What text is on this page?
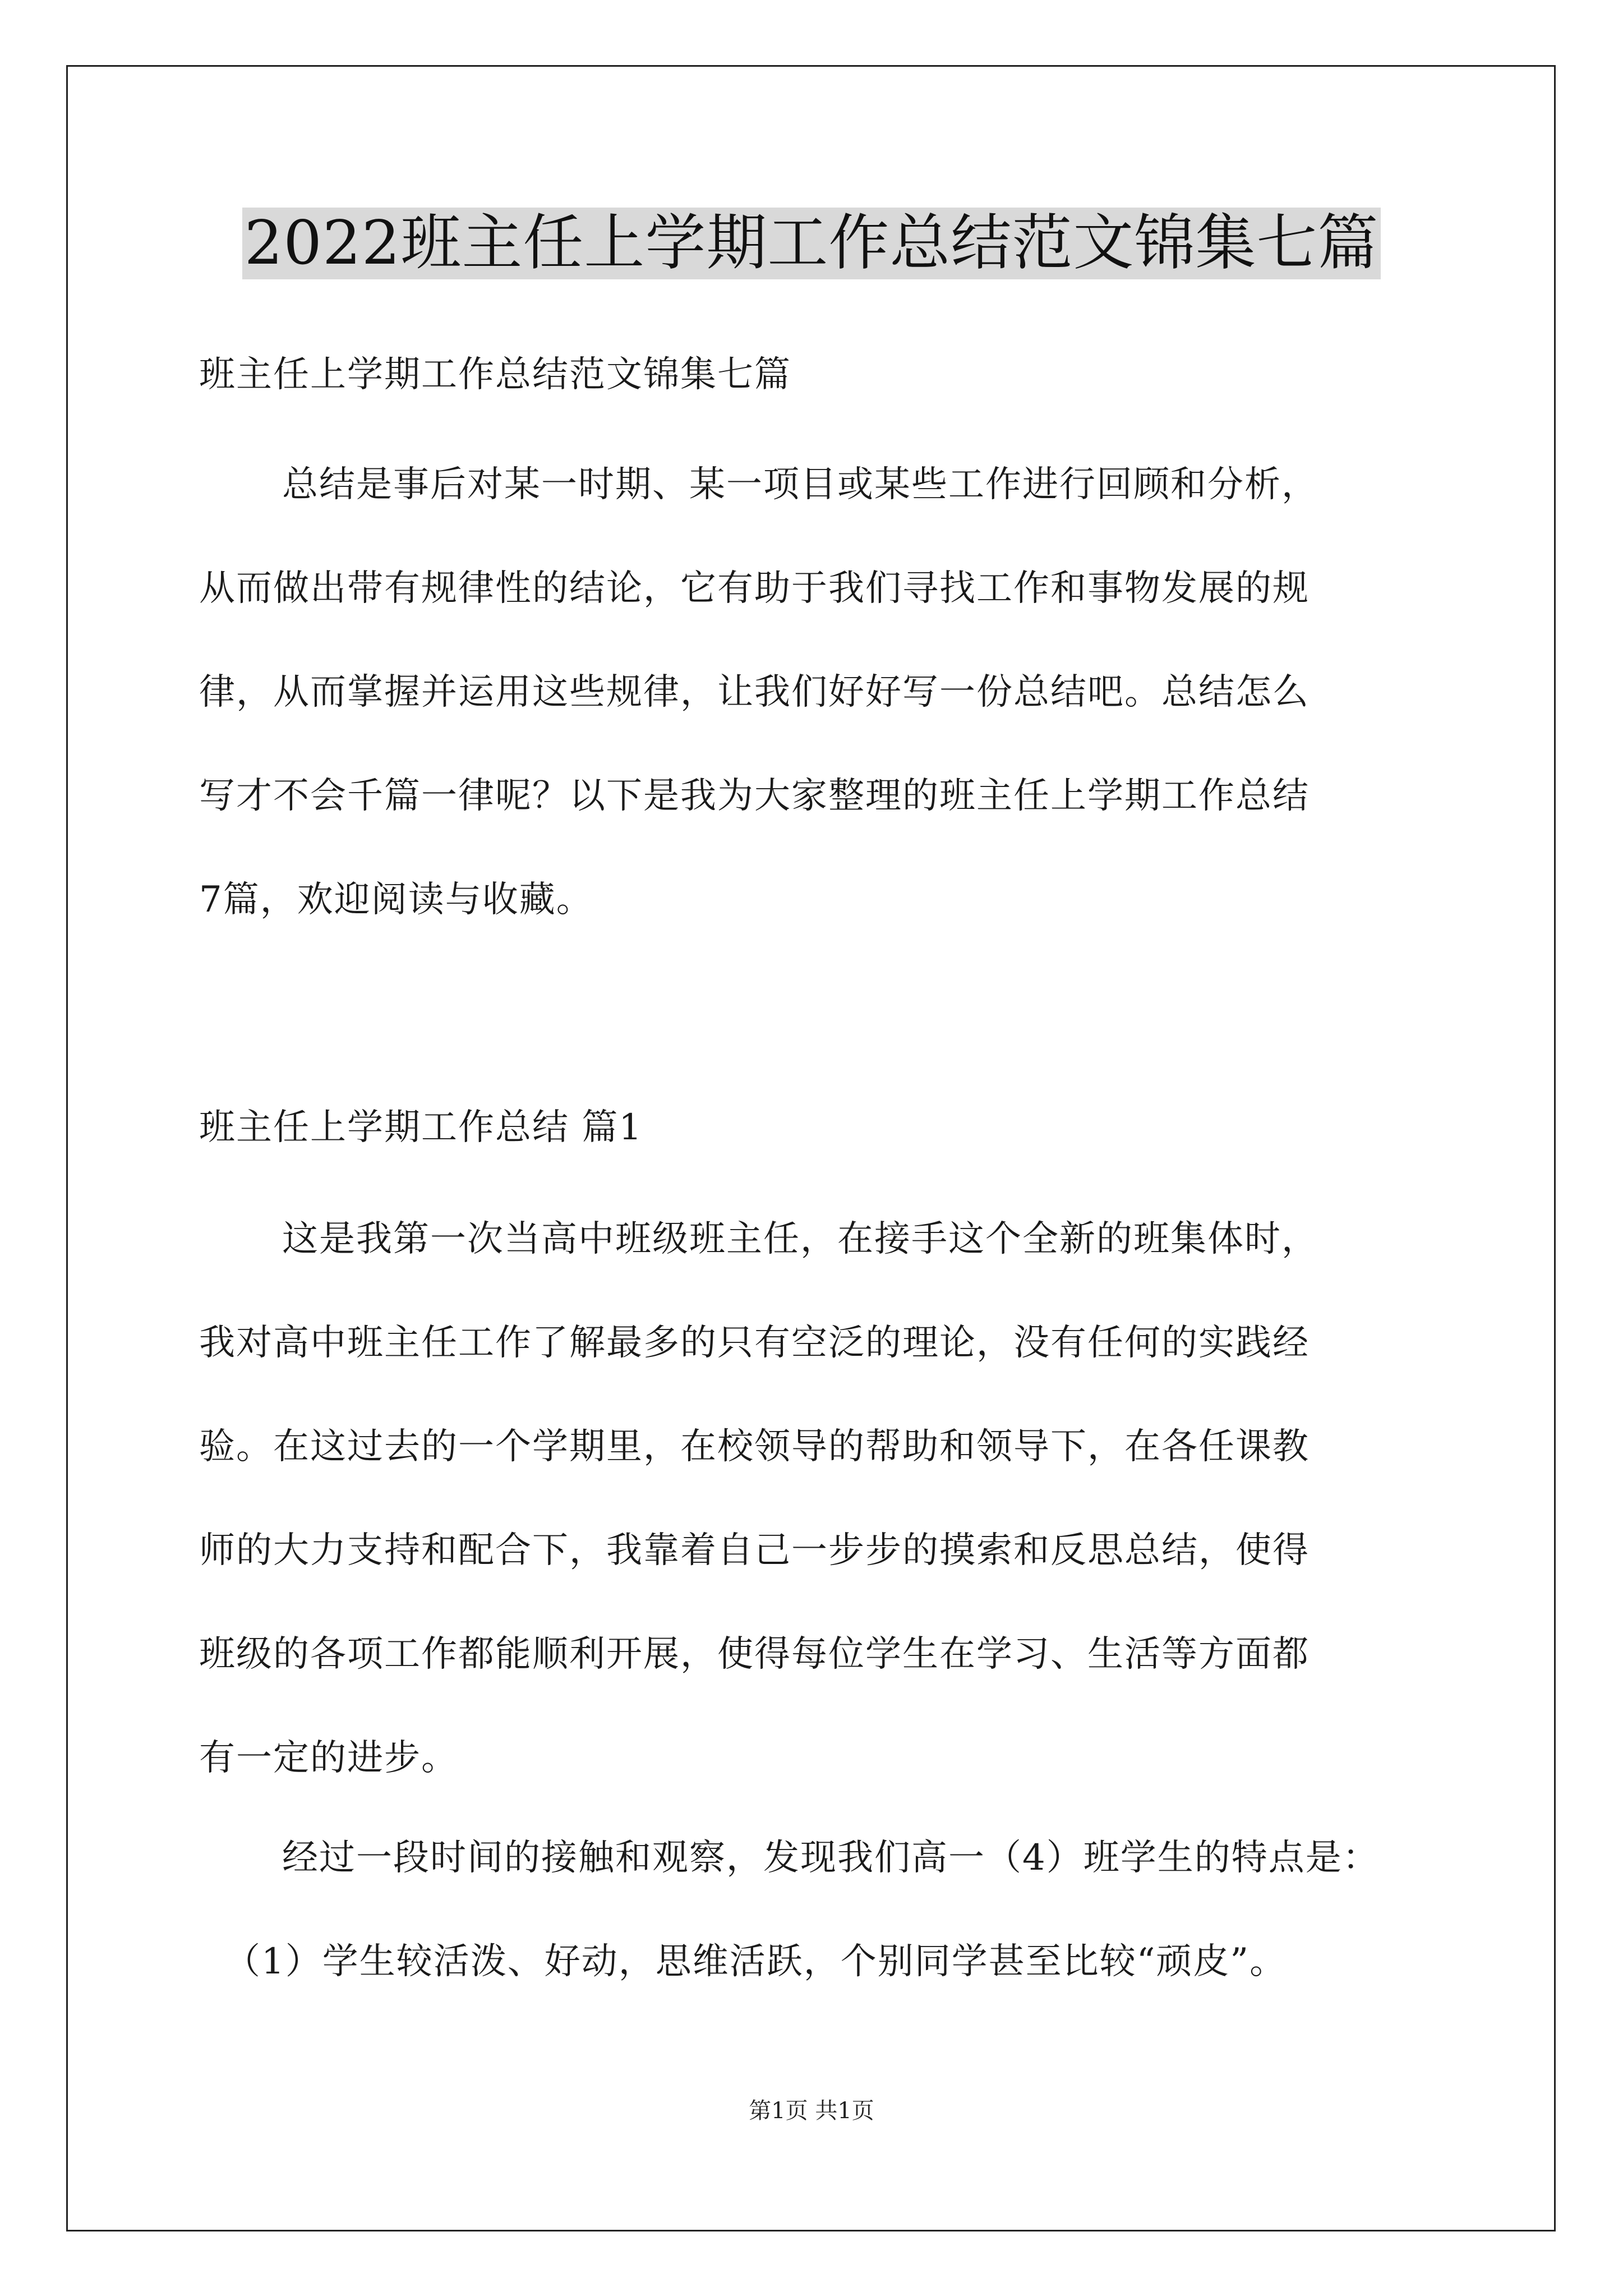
2022班主任上学期工作总结范文锦集七篇
班主任上学期工作总结范文锦集七篇
总结是事后对某一时期、某一项目或某些工作进行回顾和分析，
从而做出带有规律性的结论，它有助于我们寻找工作和事物发展的规
律，从而掌握并运用这些规律，让我们好好写一份总结吧。总结怎么
写才不会千篇一律呢？以下是我为大家整理的班主任上学期工作总结
7篇，欢迎阅读与收藏。
班主任上学期工作总结 篇1
这是我第一次当高中班级班主任，在接手这个全新的班集体时，
我对高中班主任工作了解最多的只有空泛的理论，没有任何的实践经
验。在这过去的一个学期里，在校领导的帮助和领导下，在各任课教
师的大力支持和配合下，我靠着自己一步步的摸索和反思总结，使得
班级的各项工作都能顺利开展，使得每位学生在学习、生活等方面都
有一定的进步。
经过一段时间的接触和观察，发现我们高一（4）班学生的特点是：
（1）学生较活泼、好动，思维活跃，个别同学甚至比较“顽皮”。
第1页 共1页
